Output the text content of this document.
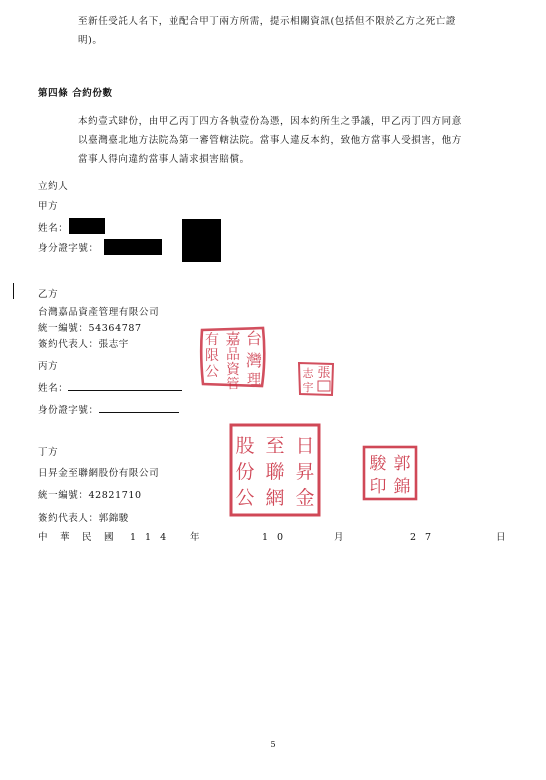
至新任受託人名下，並配合甲丁兩方所需，提示相關資訊(包括但不限於乙方之死亡證
明)。
第四條 合約份數
本約壹式肆份，由甲乙丙丁四方各執壹份為憑，因本約所生之爭議，甲乙丙丁四方同意
以臺灣臺北地方法院為第一審管轄法院。當事人違反本約，致他方當事人受損害，他方
當事人得向違約當事人請求損害賠償。
立約人
甲方
姓名：
身分證字號：
乙方
台灣嘉品資產管理有限公司
統一編號：54364787
簽約代表人：張志宇
丙方
姓名：
身份證字號：
丁方
日昇金至聯網股份有限公司
統一編號：42821710
簽約代表人：郭錦駿
中 華 民 國 114 年	10	月	27	日
台
灣
嘉
品
資
管
有
限
公 理	張
志
宇
日
昇
金
至
聯
網
股
份
公
郭
錦
駿
印
5
